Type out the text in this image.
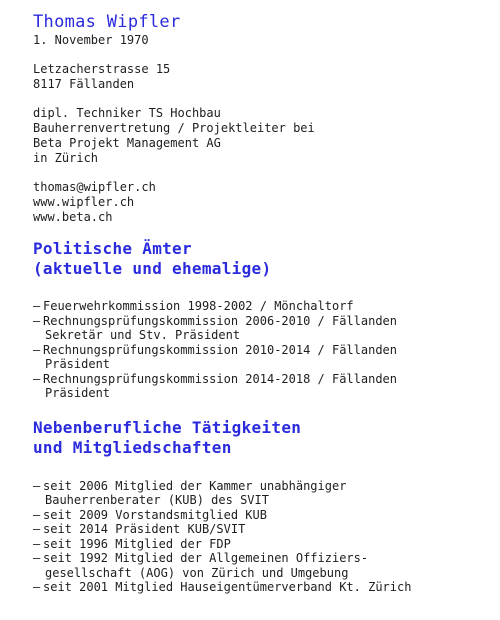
Thomas Wipfler

1. November 1970

Letzacherstrasse 15

8117 Fällanden

dipl. Techniker TS Hochbau

Bauherrenvertretung / Projektleiter bei

Beta Projekt Management AG

in Zürich

thomas@wipfler.ch

www.wipfler.ch

www.beta.ch

Politische Ämter
(aktuelle und ehemalige)
– Feuerwehrkommission 1998-2002 / Mönchaltorf
– Rechnungsprüfungskommission 2006-2010 / Fällanden
Sekretär und Stv. Präsident
– Rechnungsprüfungskommission 2010-2014 / Fällanden
Präsident
– Rechnungsprüfungskommission 2014-2018 / Fällanden
Präsident
Nebenberufliche Tätigkeiten
und Mitgliedschaften
– seit 2006 Mitglied der Kammer unabhängiger
Bauherrenberater (KUB) des SVIT
– seit 2009 Vorstandsmitglied KUB
– seit 2014 Präsident KUB/SVIT
– seit 1996 Mitglied der FDP
– seit 1992 Mitglied der Allgemeinen Offiziers-
gesellschaft (AOG) von Zürich und Umgebung
– seit 2001 Mitglied Hauseigentümerverband Kt. Zürich
